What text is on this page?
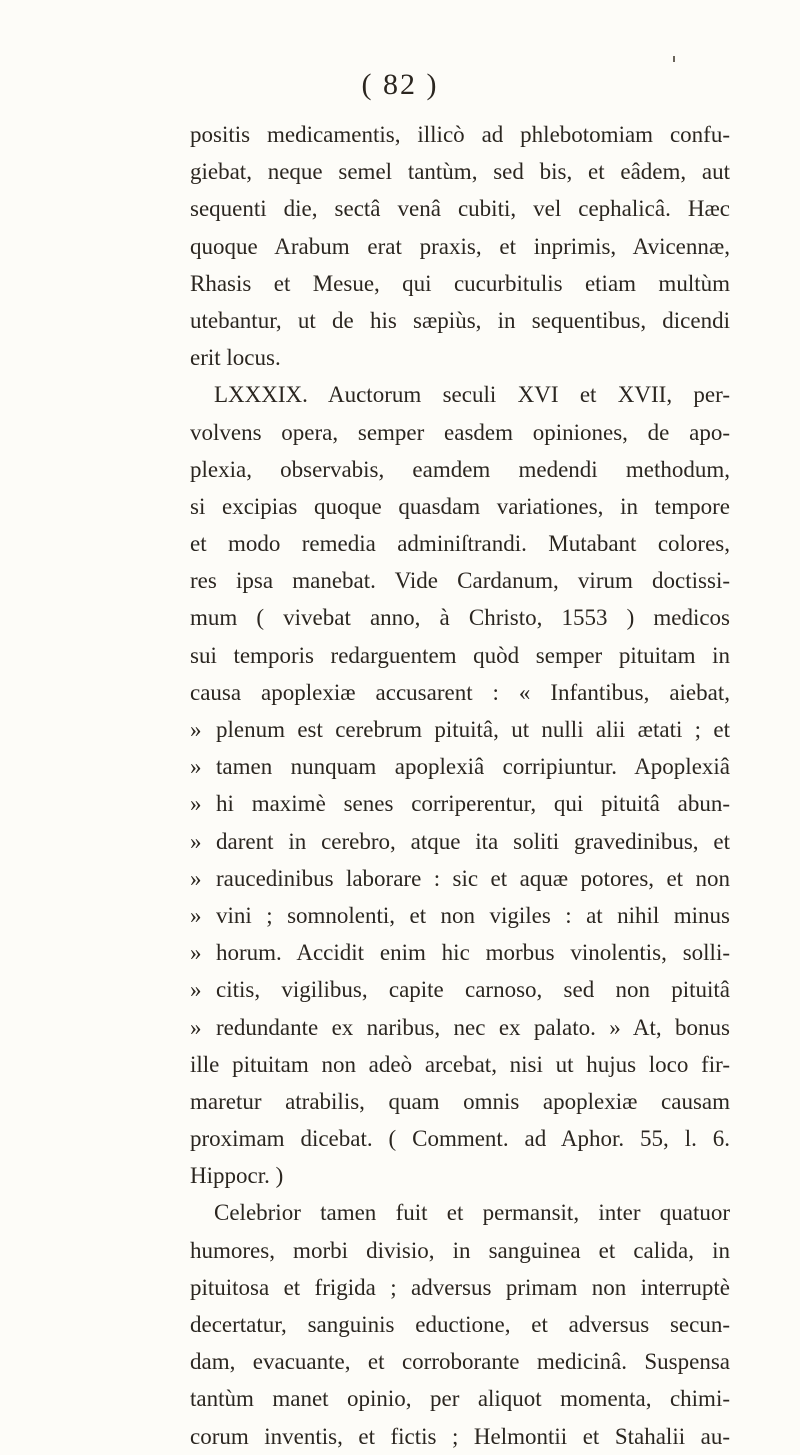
( 82 )
positis medicamentis, illicò ad phlebotomiam confu-
giebat, neque semel tantùm, sed bis, et eâdem, aut
sequenti die, sectâ venâ cubiti, vel cephalicâ. Hæc
quoque Arabum erat praxis, et inprimis, Avicennæ,
Rhasis et Mesue, qui cucurbitulis etiam multùm
utebantur, ut de his sæpiùs, in sequentibus, dicendi
erit locus.
LXXXIX. Auctorum seculi XVI et XVII, per-
volvens opera, semper easdem opiniones, de apo-
plexia, observabis, eamdem medendi methodum,
si excipias quoque quasdam variationes, in tempore
et modo remedia adminiſtrandi. Mutabant colores,
res ipsa manebat. Vide Cardanum, virum doctissi-
mum ( vivebat anno, à Christo, 1553 ) medicos
sui temporis redarguentem quòd semper pituitam in
causa apoplexiæ accusarent : « Infantibus, aiebat,
» plenum est cerebrum pituitâ, ut nulli alii ætati ; et
» tamen nunquam apoplexiâ corripiuntur. Apoplexiâ
» hi maximè senes corriperentur, qui pituitâ abun-
» darent in cerebro, atque ita soliti gravedinibus, et
» raucedinibus laborare : sic et aquæ potores, et non
» vini ; somnolenti, et non vigiles : at nihil minus
» horum. Accidit enim hic morbus vinolentis, solli-
» citis, vigilibus, capite carnoso, sed non pituitâ
» redundante ex naribus, nec ex palato. » At, bonus
ille pituitam non adeò arcebat, nisi ut hujus loco fir-
maretur atrabilis, quam omnis apoplexiæ causam
proximam dicebat. ( Comment. ad Aphor. 55, l. 6.
Hippocr. )
Celebrior tamen fuit et permansit, inter quatuor
humores, morbi divisio, in sanguinea et calida, in
pituitosa et frigida ; adversus primam non interruptè
decertatur, sanguinis eductione, et adversus secun-
dam, evacuante, et corroborante medicinâ. Suspensa
tantùm manet opinio, per aliquot momenta, chimi-
corum inventis, et fictis ; Helmontii et Stahalii au-
